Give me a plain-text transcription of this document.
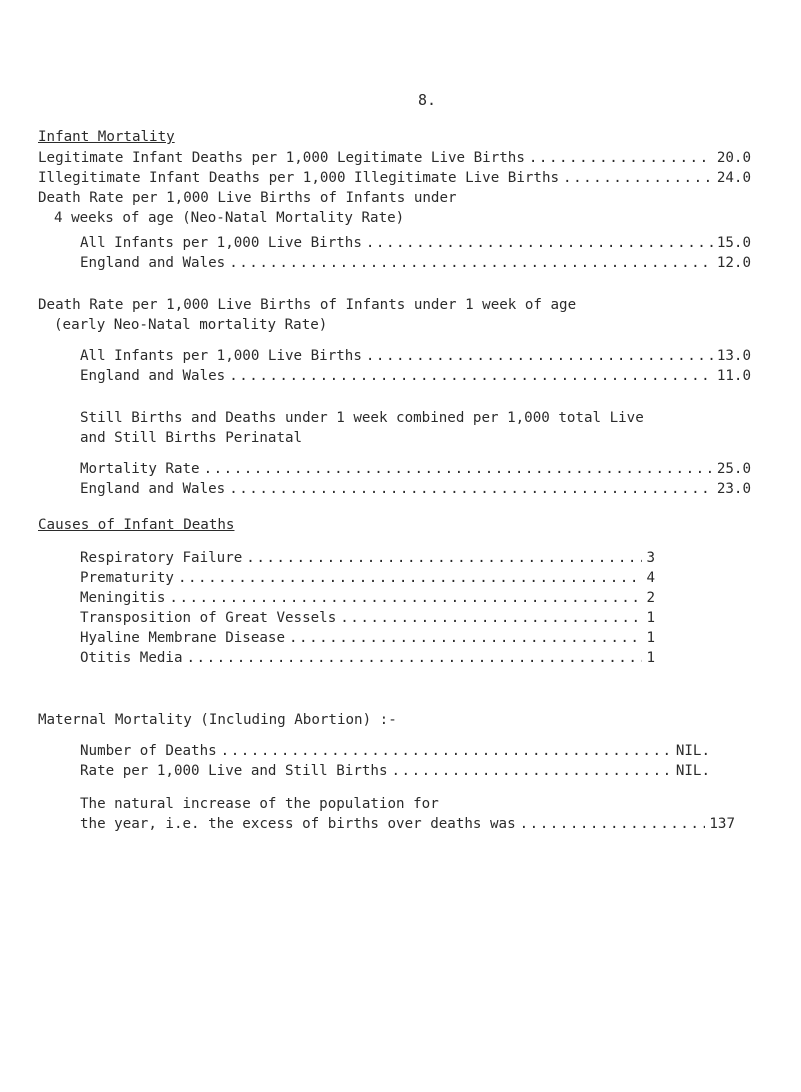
8.
Infant Mortality
Legitimate Infant Deaths per 1,000 Legitimate Live Births .....	20.0
Illegitimate Infant Deaths per 1,000 Illegitimate Live Births .....	24.0
Death Rate per 1,000 Live Births of Infants under
4 weeks of age (Neo-Natal Mortality Rate)
All Infants per 1,000 Live Births .....	15.0
England and Wales .....	12.0
Death Rate per 1,000 Live Births of Infants under 1 week of age
(early Neo-Natal mortality Rate)
All Infants per 1,000 Live Births .....	13.0
England and Wales .....	11.0
Still Births and Deaths under 1 week combined per 1,000 total Live
and Still Births Perinatal
Mortality Rate .....	25.0
England and Wales .....	23.0
Causes of Infant Deaths
Respiratory Failure .....	3
Prematurity .....	4
Meningitis .....	2
Transposition of Great Vessels .....	1
Hyaline Membrane Disease .....	1
Otitis Media .....	1
Maternal Mortality (Including Abortion) :-
Number of Deaths .....	NIL.
Rate per 1,000 Live and Still Births .....	NIL.
The natural increase of the population for
the year, i.e. the excess of births over deaths was .....	137
